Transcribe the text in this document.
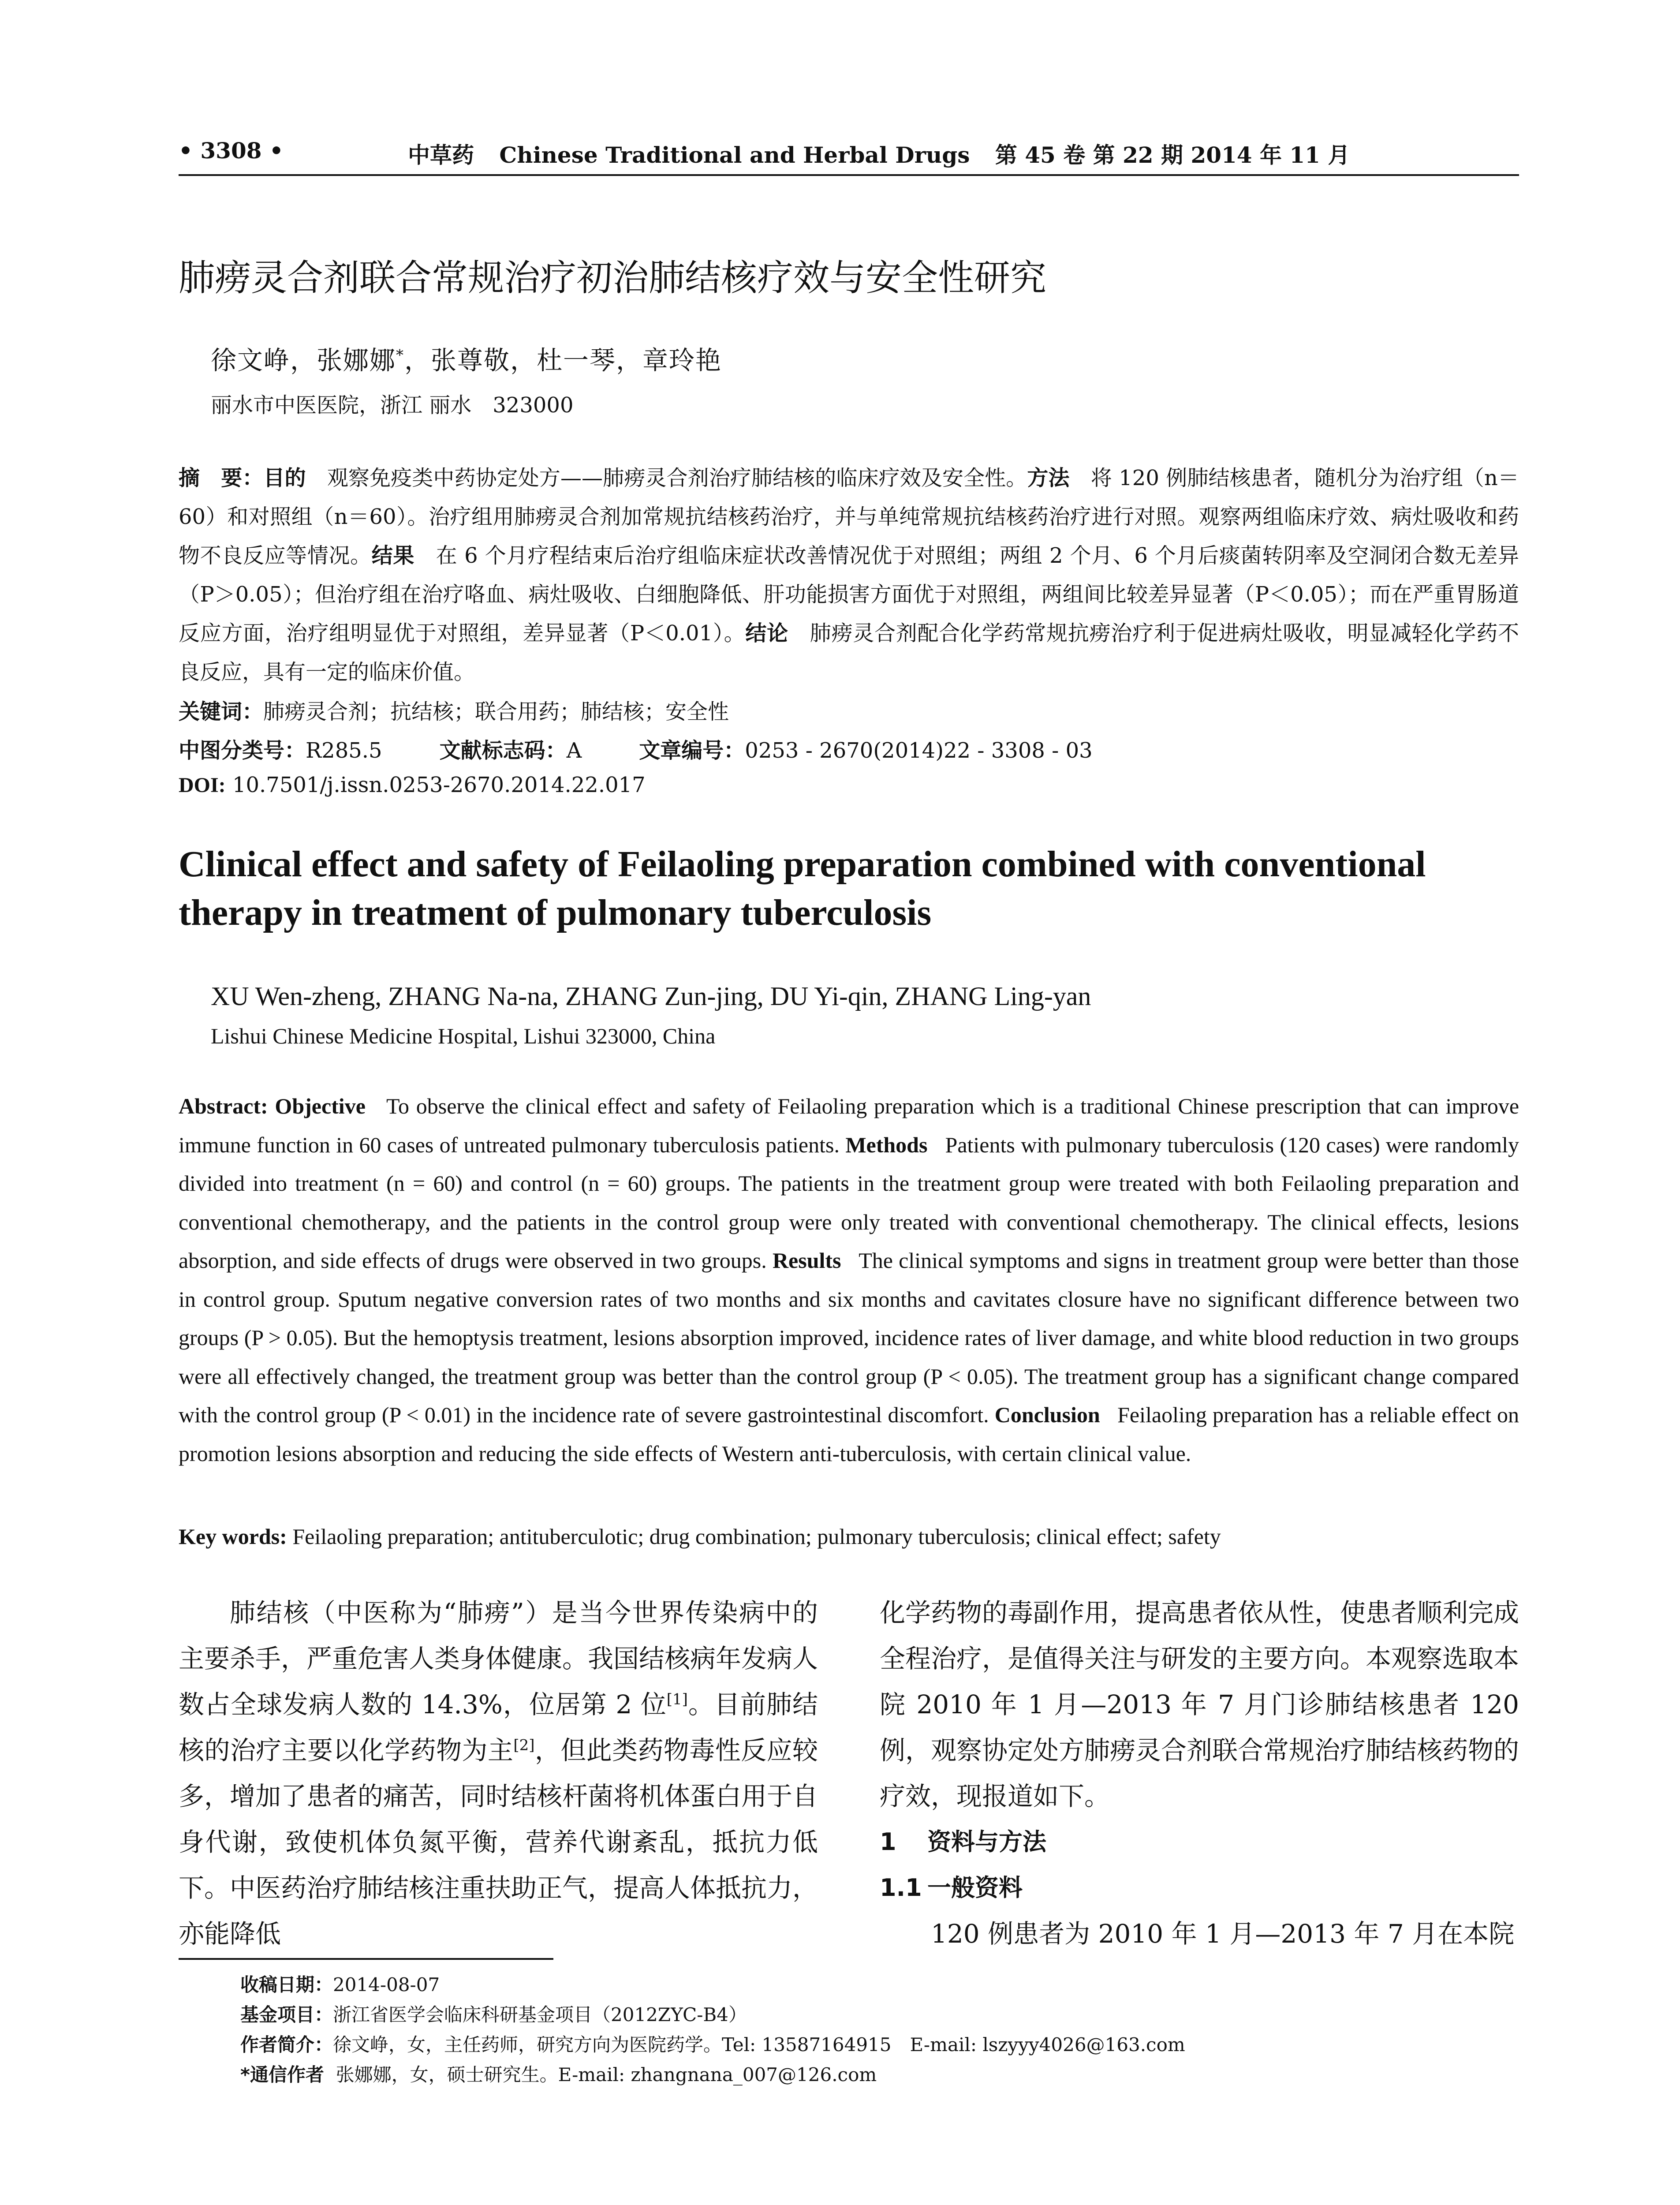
• 3308 •	中草药 Chinese Traditional and Herbal Drugs 第 45 卷 第 22 期 2014 年 11 月
肺痨灵合剂联合常规治疗初治肺结核疗效与安全性研究
徐文峥，张娜娜*，张尊敬，杜一琴，章玲艳
丽水市中医医院，浙江 丽水　323000
摘　要：目的　 观察免疫类中药协定处方——肺痨灵合剂治疗肺结核的临床疗效及安全性。方法　 将 120 例肺结核患者，随机分为治疗组（n＝60）和对照组（n＝60）。治疗组用肺痨灵合剂加常规抗结核药治疗，并与单纯常规抗结核药治疗进行对照。观察两组临床疗效、病灶吸收和药物不良反应等情况。结果　 在 6 个月疗程结束后治疗组临床症状改善情况优于对照组；两组 2 个月、6 个月后痰菌转阴率及空洞闭合数无差异（P＞0.05）；但治疗组在治疗咯血、病灶吸收、白细胞降低、肝功能损害方面优于对照组，两组间比较差异显著（P＜0.05）；而在严重胃肠道反应方面，治疗组明显优于对照组，差异显著（P＜0.01）。结论　 肺痨灵合剂配合化学药常规抗痨治疗利于促进病灶吸收，明显减轻化学药不良反应，具有一定的临床价值。
关键词：肺痨灵合剂；抗结核；联合用药；肺结核；安全性
中图分类号：R285.5	文献标志码：A	文章编号：0253 - 2670(2014)22 - 3308 - 03
DOI: 10.7501/j.issn.0253-2670.2014.22.017
Clinical effect and safety of Feilaoling preparation combined with conventional therapy in treatment of pulmonary tuberculosis
XU Wen-zheng, ZHANG Na-na, ZHANG Zun-jing, DU Yi-qin, ZHANG Ling-yan
Lishui Chinese Medicine Hospital, Lishui 323000, China
Abstract: Objective To observe the clinical effect and safety of Feilaoling preparation which is a traditional Chinese prescription that can improve immune function in 60 cases of untreated pulmonary tuberculosis patients. Methods Patients with pulmonary tuberculosis (120 cases) were randomly divided into treatment (n = 60) and control (n = 60) groups. The patients in the treatment group were treated with both Feilaoling preparation and conventional chemotherapy, and the patients in the control group were only treated with conventional chemotherapy. The clinical effects, lesions absorption, and side effects of drugs were observed in two groups. Results The clinical symptoms and signs in treatment group were better than those in control group. Sputum negative conversion rates of two months and six months and cavitates closure have no significant difference between two groups (P > 0.05). But the hemoptysis treatment, lesions absorption improved, incidence rates of liver damage, and white blood reduction in two groups were all effectively changed, the treatment group was better than the control group (P < 0.05). The treatment group has a significant change compared with the control group (P < 0.01) in the incidence rate of severe gastrointestinal discomfort. Conclusion Feilaoling preparation has a reliable effect on promotion lesions absorption and reducing the side effects of Western anti-tuberculosis, with certain clinical value.
Key words: Feilaoling preparation; antituberculotic; drug combination; pulmonary tuberculosis; clinical effect; safety

肺结核（中医称为“肺痨”）是当今世界传染病中的主要杀手，严重危害人类身体健康。我国结核病年发病人数占全球发病人数的 14.3%，位居第 2 位[1]。目前肺结核的治疗主要以化学药物为主[2]，但此类药物毒性反应较多，增加了患者的痛苦，同时结核杆菌将机体蛋白用于自身代谢，致使机体负氮平衡，营养代谢紊乱，抵抗力低下。中医药治疗肺结核注重扶助正气，提高人体抵抗力，亦能降低

化学药物的毒副作用，提高患者依从性，使患者顺利完成全程治疗，是值得关注与研发的主要方向。本观察选取本院 2010 年 1 月—2013 年 7 月门诊肺结核患者 120 例，观察协定处方肺痨灵合剂联合常规治疗肺结核药物的疗效，现报道如下。

1 资料与方法

1.1 一般资料

120 例患者为 2010 年 1 月—2013 年 7 月在本院

收稿日期：2014-08-07
基金项目：浙江省医学会临床科研基金项目（2012ZYC-B4）
作者简介：徐文峥，女，主任药师，研究方向为医院药学。Tel: 13587164915　E-mail: lszyyy4026@163.com
*通信作者 张娜娜，女，硕士研究生。E-mail: zhangnana_007@126.com
